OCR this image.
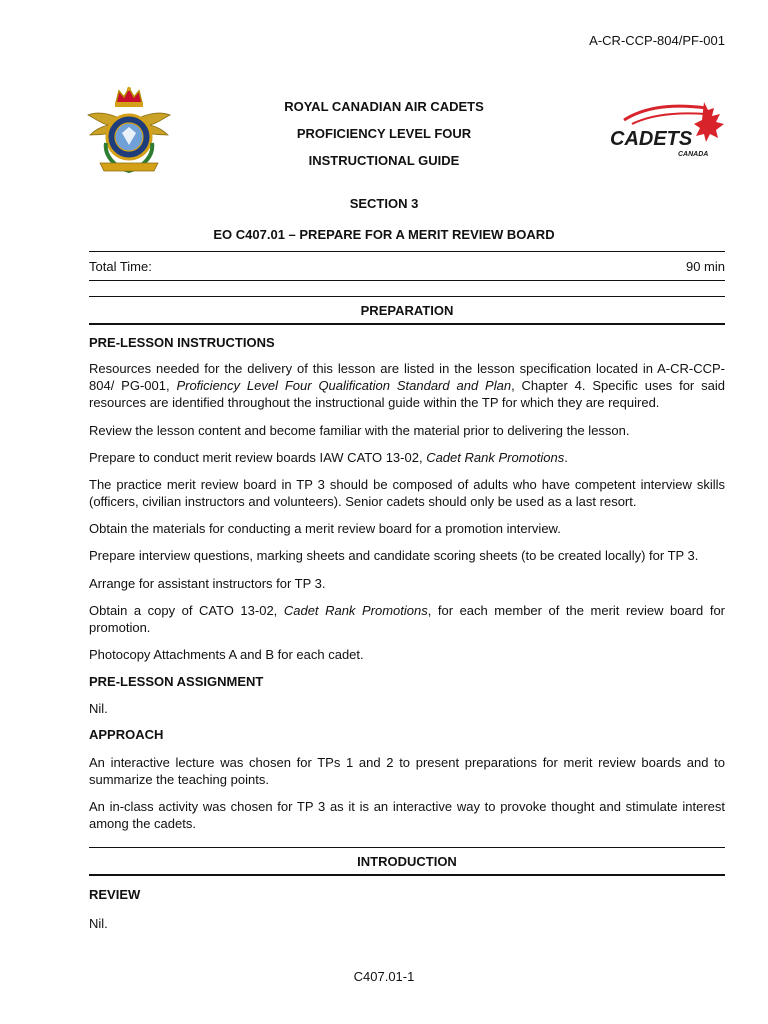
A-CR-CCP-804/PF-001
ROYAL CANADIAN AIR CADETS
PROFICIENCY LEVEL FOUR
INSTRUCTIONAL GUIDE
CADETS
CANADA
SECTION 3
EO C407.01 – PREPARE FOR A MERIT REVIEW BOARD
Total Time:	90 min
PREPARATION
PRE-LESSON INSTRUCTIONS

Resources needed for the delivery of this lesson are listed in the lesson specification located in A-CR-CCP-804/ PG-001, Proficiency Level Four Qualification Standard and Plan, Chapter 4. Specific uses for said resources are identified throughout the instructional guide within the TP for which they are required.

Review the lesson content and become familiar with the material prior to delivering the lesson.

Prepare to conduct merit review boards IAW CATO 13-02, Cadet Rank Promotions.

The practice merit review board in TP 3 should be composed of adults who have competent interview skills (officers, civilian instructors and volunteers). Senior cadets should only be used as a last resort.

Obtain the materials for conducting a merit review board for a promotion interview.

Prepare interview questions, marking sheets and candidate scoring sheets (to be created locally) for TP 3.

Arrange for assistant instructors for TP 3.

Obtain a copy of CATO 13-02, Cadet Rank Promotions, for each member of the merit review board for promotion.

Photocopy Attachments A and B for each cadet.

PRE-LESSON ASSIGNMENT

Nil.

APPROACH

An interactive lecture was chosen for TPs 1 and 2 to present preparations for merit review boards and to summarize the teaching points.

An in-class activity was chosen for TP 3 as it is an interactive way to provoke thought and stimulate interest among the cadets.

INTRODUCTION
REVIEW

Nil.

C407.01-1
